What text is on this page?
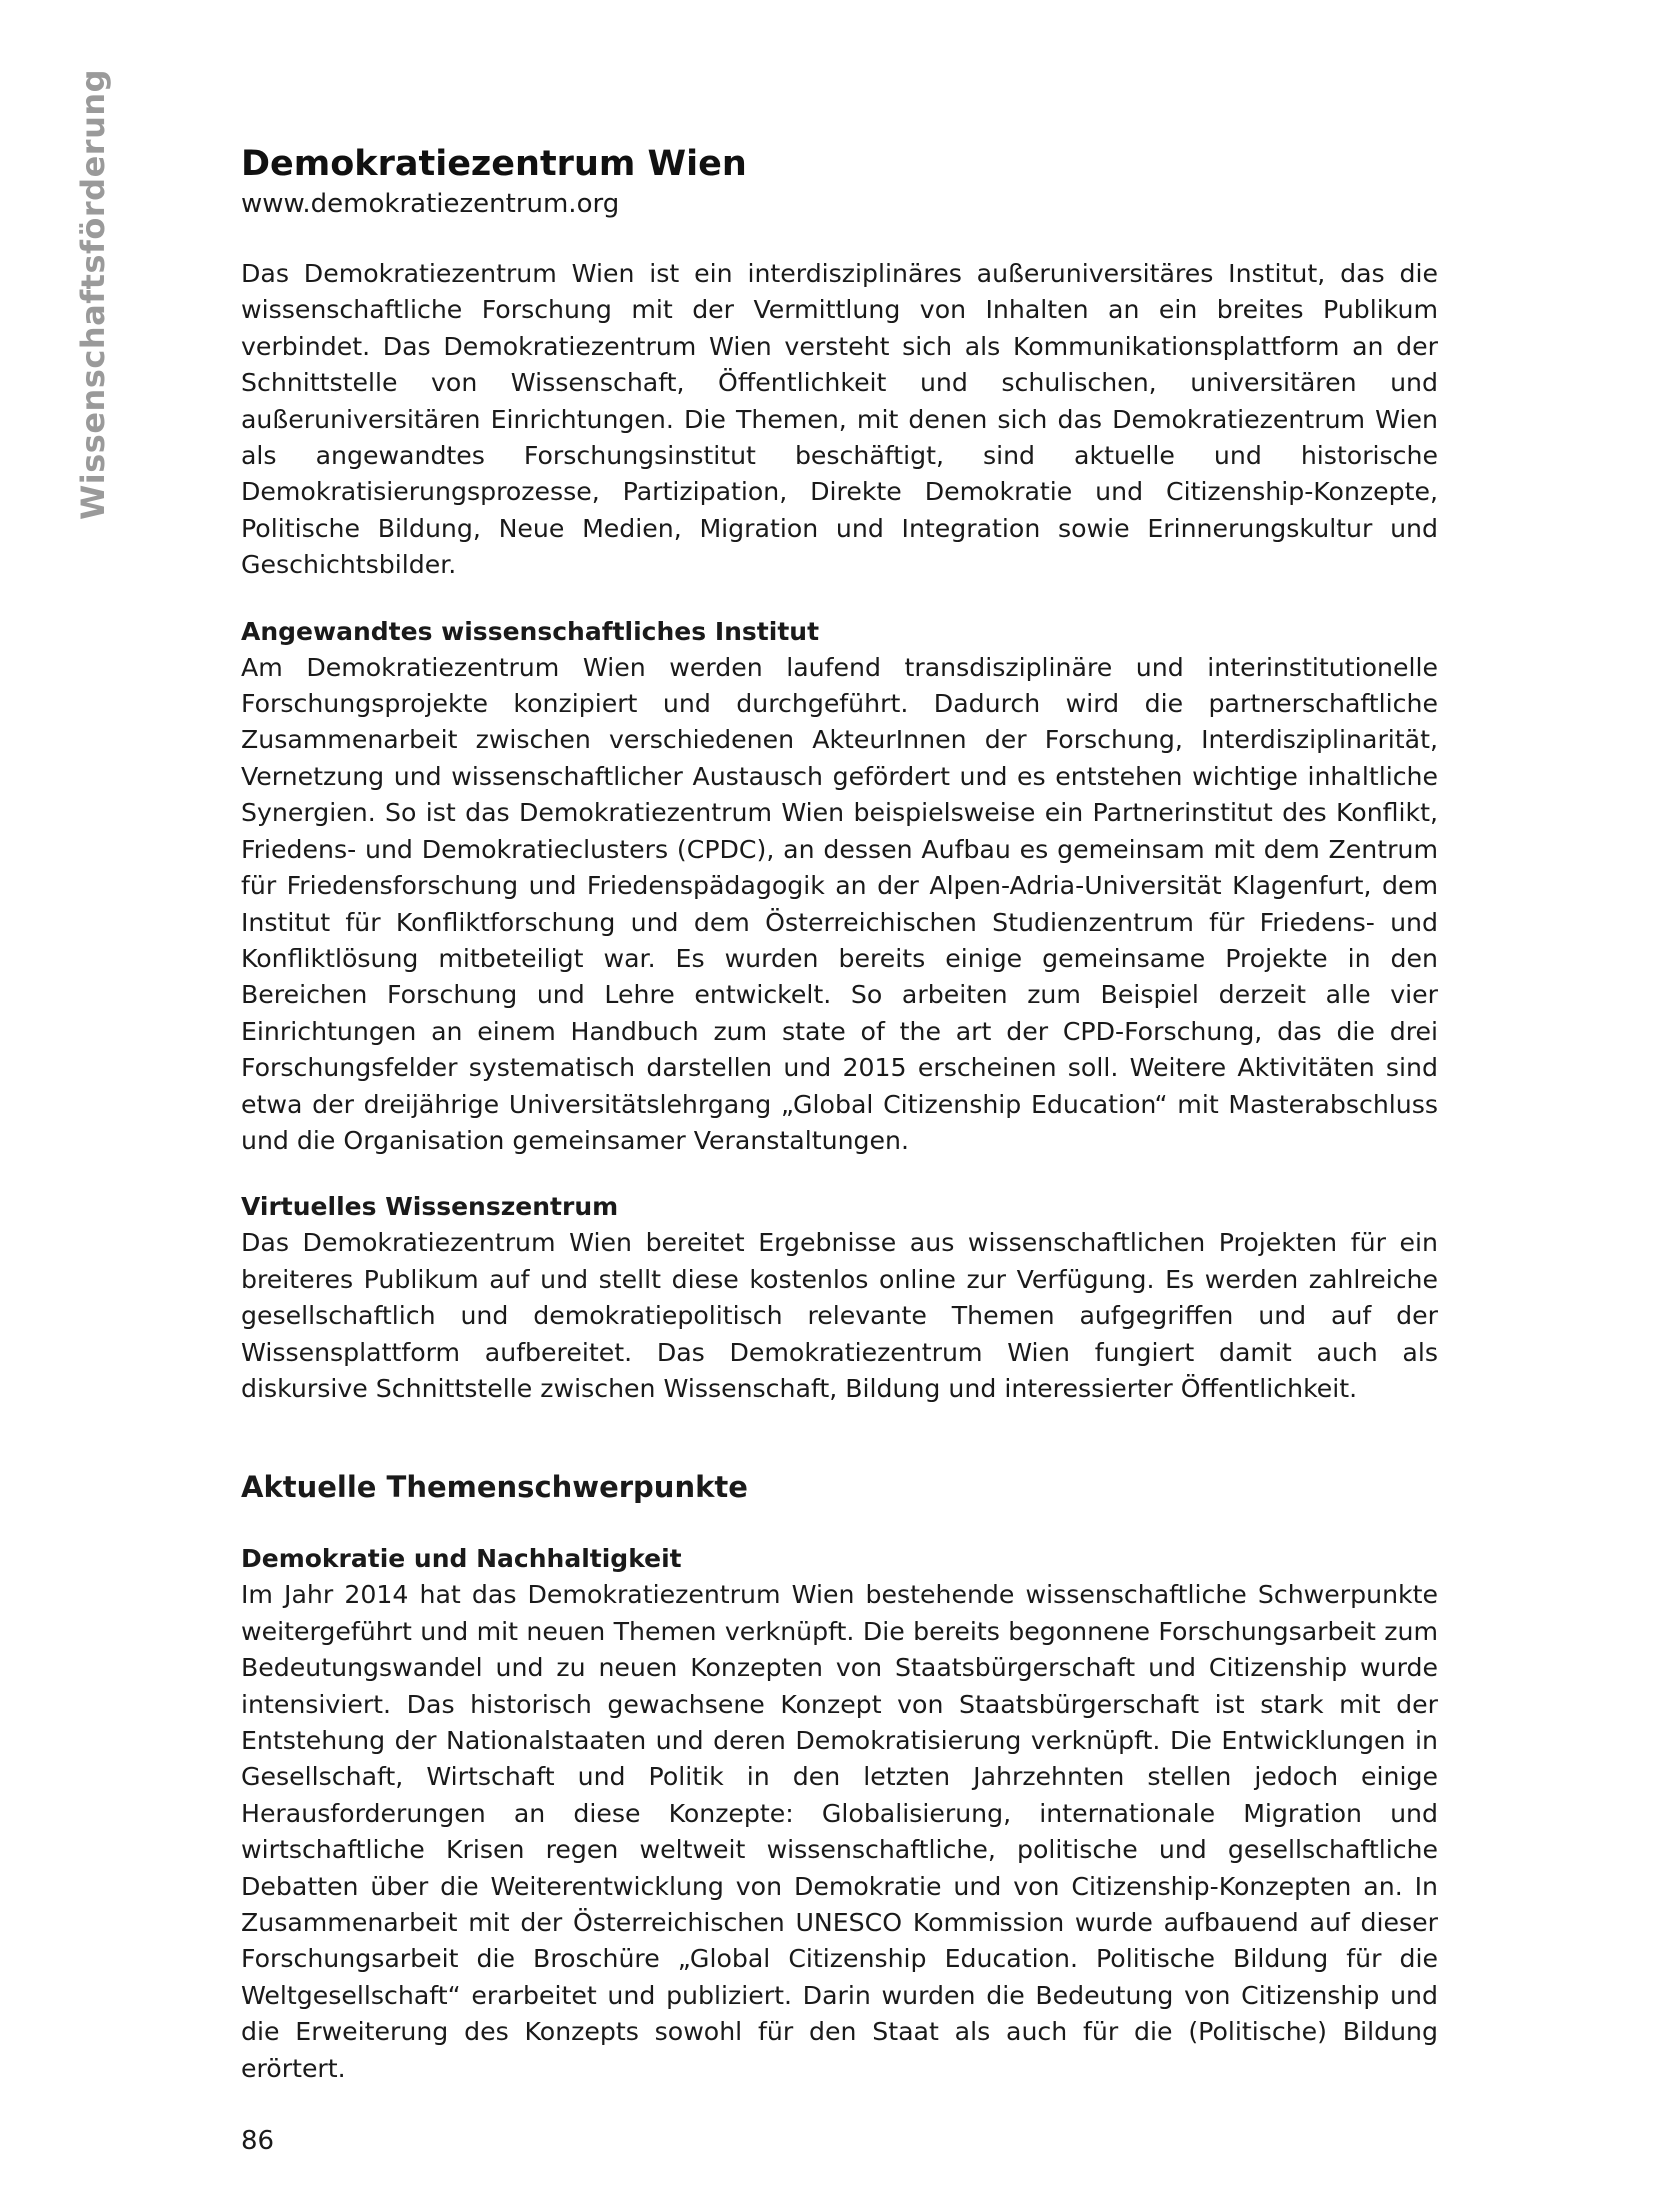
Wissenschaftsförderung	Demokratiezentrum Wien
www.demokratiezentrum.org

Das Demokratiezentrum Wien ist ein interdisziplinäres außeruniversitäres Institut, das die wissenschaftliche Forschung mit der Vermittlung von Inhalten an ein breites Publikum verbindet. Das Demokratiezentrum Wien versteht sich als Kommunikationsplattform an der Schnittstelle von Wissenschaft, Öffentlichkeit und schulischen, universitären und außeruniversitären Einrichtungen. Die Themen, mit denen sich das Demokratiezentrum Wien als angewandtes Forschungsinstitut beschäftigt, sind aktuelle und historische Demokratisierungsprozesse, Partizipation, Direkte Demokratie und Citizenship-Konzepte, Politische Bildung, Neue Medien, Migration und Integration sowie Erinnerungskultur und Geschichtsbilder.

Angewandtes wissenschaftliches Institut

Am Demokratiezentrum Wien werden laufend transdisziplinäre und interinstitutionelle Forschungsprojekte konzipiert und durchgeführt. Dadurch wird die partnerschaftliche Zusammenarbeit zwischen verschiedenen AkteurInnen der Forschung, Interdisziplinarität, Vernetzung und wissenschaftlicher Austausch gefördert und es entstehen wichtige inhaltliche Synergien. So ist das Demokratiezentrum Wien beispielsweise ein Partnerinstitut des Konflikt, Friedens- und Demokratieclusters (CPDC), an dessen Aufbau es gemeinsam mit dem Zentrum für Friedensforschung und Friedenspädagogik an der Alpen-Adria-Universität Klagenfurt, dem Institut für Konfliktforschung und dem Österreichischen Studienzentrum für Friedens- und Konfliktlösung mitbeteiligt war. Es wurden bereits einige gemeinsame Projekte in den Bereichen Forschung und Lehre entwickelt. So arbeiten zum Beispiel derzeit alle vier Einrichtungen an einem Handbuch zum state of the art der CPD-Forschung, das die drei Forschungsfelder systematisch darstellen und 2015 erscheinen soll. Weitere Aktivitäten sind etwa der dreijährige Universitätslehrgang „Global Citizenship Education“ mit Masterabschluss und die Organisation gemeinsamer Veranstaltungen.

Virtuelles Wissenszentrum

Das Demokratiezentrum Wien bereitet Ergebnisse aus wissenschaftlichen Projekten für ein breiteres Publikum auf und stellt diese kostenlos online zur Verfügung. Es werden zahlreiche gesellschaftlich und demokratiepolitisch relevante Themen aufgegriffen und auf der Wissensplattform aufbereitet. Das Demokratiezentrum Wien fungiert damit auch als diskursive Schnittstelle zwischen Wissenschaft, Bildung und interessierter Öffentlichkeit.

Aktuelle Themenschwerpunkte
Demokratie und Nachhaltigkeit

Im Jahr 2014 hat das Demokratiezentrum Wien bestehende wissenschaftliche Schwerpunkte weitergeführt und mit neuen Themen verknüpft. Die bereits begonnene Forschungsarbeit zum Bedeutungswandel und zu neuen Konzepten von Staatsbürgerschaft und Citizenship wurde intensiviert. Das historisch gewachsene Konzept von Staatsbürgerschaft ist stark mit der Entstehung der Nationalstaaten und deren Demokratisierung verknüpft. Die Entwicklungen in Gesellschaft, Wirtschaft und Politik in den letzten Jahrzehnten stellen jedoch einige Herausforderungen an diese Konzepte: Globalisierung, internationale Migration und wirtschaftliche Krisen regen weltweit wissenschaftliche, politische und gesellschaftliche Debatten über die Weiterentwicklung von Demokratie und von Citizenship-Konzepten an. In Zusammenarbeit mit der Österreichischen UNESCO Kommission wurde aufbauend auf dieser Forschungsarbeit die Broschüre „Global Citizenship Education. Politische Bildung für die Weltgesellschaft“ erarbeitet und publiziert. Darin wurden die Bedeutung von Citizenship und die Erweiterung des Konzepts sowohl für den Staat als auch für die (Politische) Bildung erörtert.

86
